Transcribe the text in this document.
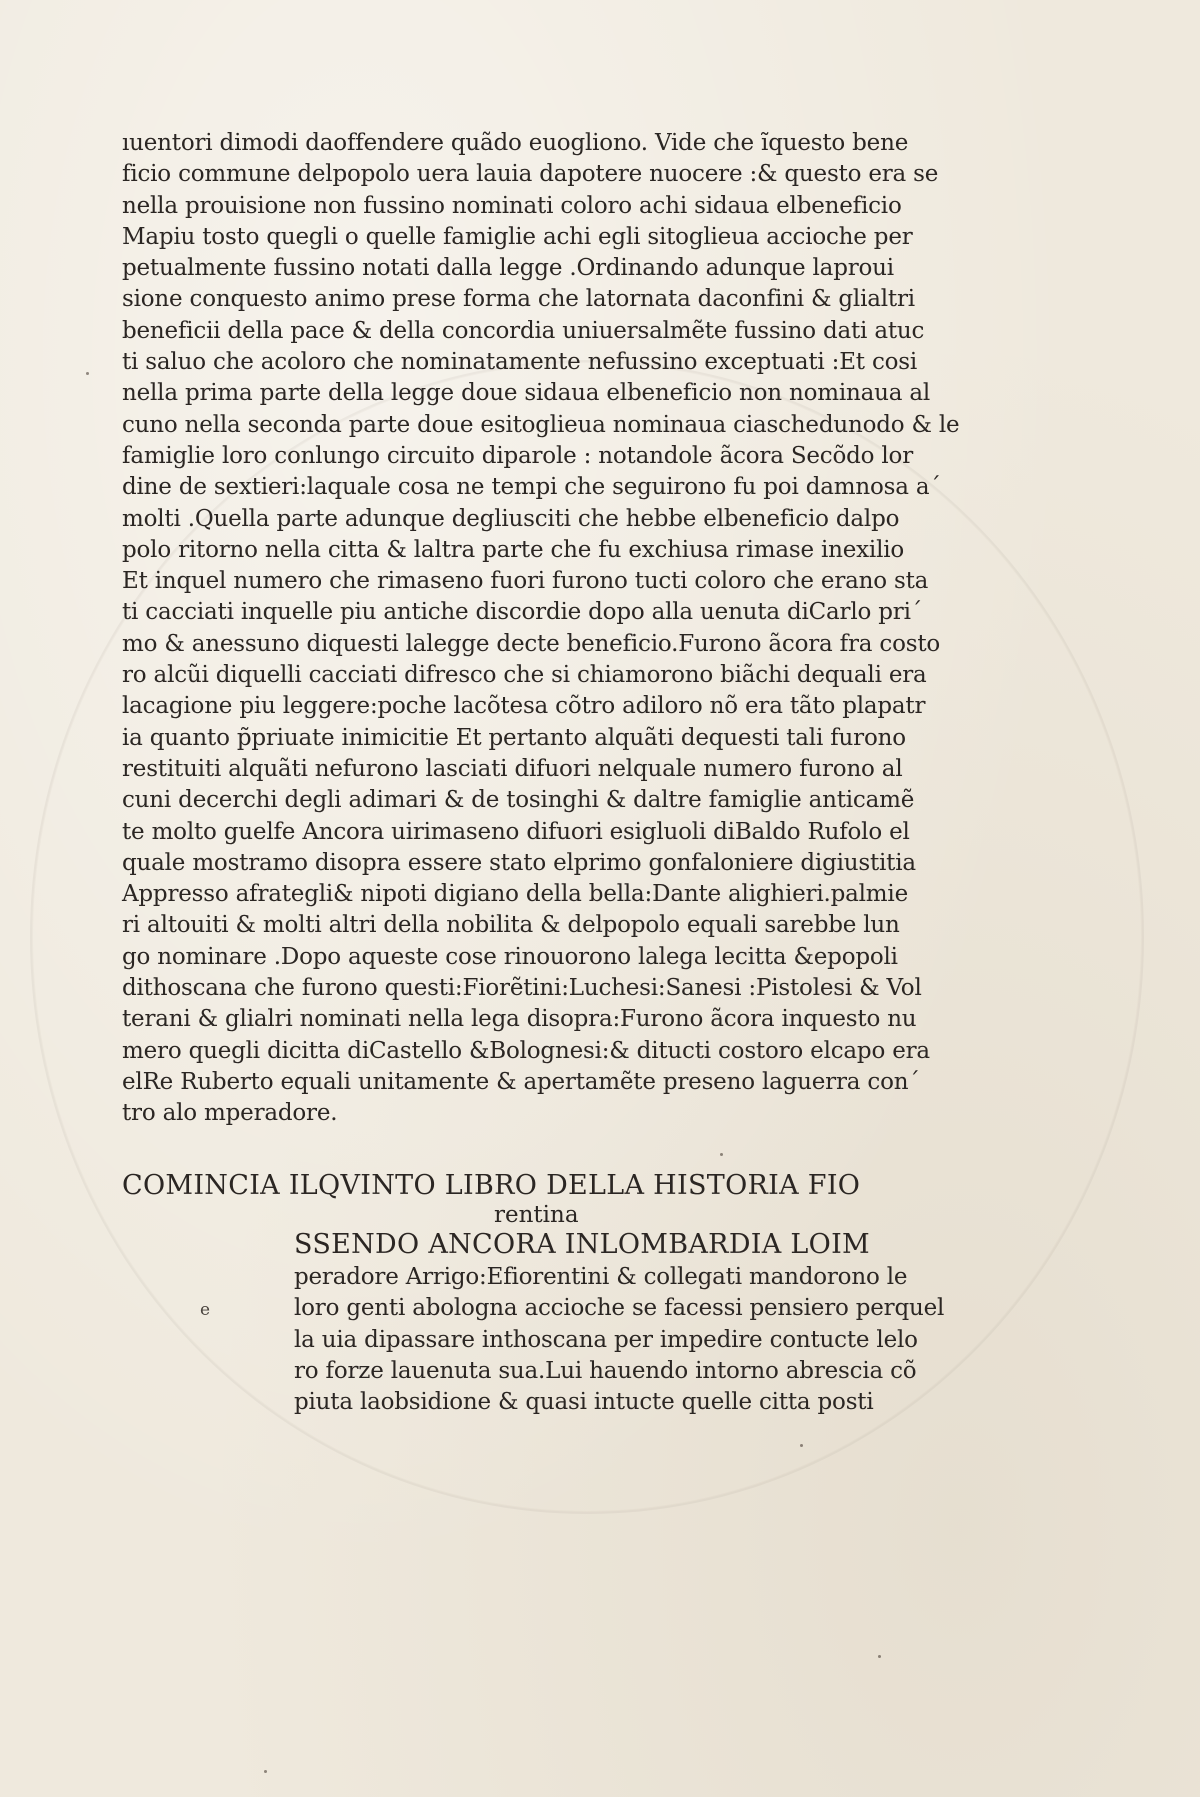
ıuentori dimodi daoffendere quãdo euogliono. Vide che ĩquesto bene
ficio commune delpopolo uera lauia dapotere nuocere :& questo era se
nella prouisione non fussino nominati coloro achi sidaua elbeneficio
Mapiu tosto quegli o quelle famiglie achi egli sitoglieua accioche per
petualmente fussino notati dalla legge .Ordinando adunque laproui
sione conquesto animo prese forma che latornata daconfini & glialtri
beneficii della pace & della concordia uniuersalmẽte fussino dati atuc
ti saluo che acoloro che nominatamente nefussino exceptuati :Et cosi
nella prima parte della legge doue sidaua elbeneficio non nominaua al
cuno nella seconda parte doue esitoglieua nominaua ciaschedunodo & le
famiglie loro conlungo circuito diparole : notandole ãcora Secõdo lor
dine de sextieri:laquale cosa ne tempi che seguirono fu poi damnosa a´
molti .Quella parte adunque degliusciti che hebbe elbeneficio dalpo
polo ritorno nella citta & laltra parte che fu exchiusa rimase inexilio
Et inquel numero che rimaseno fuori furono tucti coloro che erano sta
ti cacciati inquelle piu antiche discordie dopo alla uenuta diCarlo pri´
mo & anessuno diquesti lalegge decte beneficio.Furono ãcora fra costo
ro alcũi diquelli cacciati difresco che si chiamorono biãchi dequali era
lacagione piu leggere:poche lacõtesa cõtro adiloro nõ era tãto plapatr
ia quanto p̃priuate inimicitie Et pertanto alquãti dequesti tali furono
restituiti alquãti nefurono lasciati difuori nelquale numero furono al
cuni decerchi degli adimari & de tosinghi & daltre famiglie anticamẽ
te molto guelfe Ancora uirimaseno difuori esigluoli diBaldo Rufolo el
quale mostramo disopra essere stato elprimo gonfaloniere digiustitia
Appresso afrategli& nipoti digiano della bella:Dante alighieri.palmie
ri altouiti & molti altri della nobilita & delpopolo equali sarebbe lun
go nominare .Dopo aqueste cose rinouorono lalega lecitta &epopoli
dithoscana che furono questi:Fiorẽtini:Luchesi:Sanesi :Pistolesi & Vol
terani & glialri nominati nella lega disopra:Furono ãcora inquesto nu
mero quegli dicitta diCastello &Bolognesi:& ditucti costoro elcapo era
elRe Ruberto equali unitamente & apertamẽte preseno laguerra con´
tro alo mperadore.
COMINCIA ILQVINTO LIBRO DELLA HISTORIA FIO
rentina
e
SSENDO ANCORA INLOMBARDIA LOIM
peradore Arrigo:Efiorentini & collegati mandorono le
loro genti abologna accioche se facessi pensiero perquel
la uia dipassare inthoscana per impedire contucte lelo
ro forze lauenuta sua.Lui hauendo intorno abrescia cõ
piuta laobsidione & quasi intucte quelle citta posti
